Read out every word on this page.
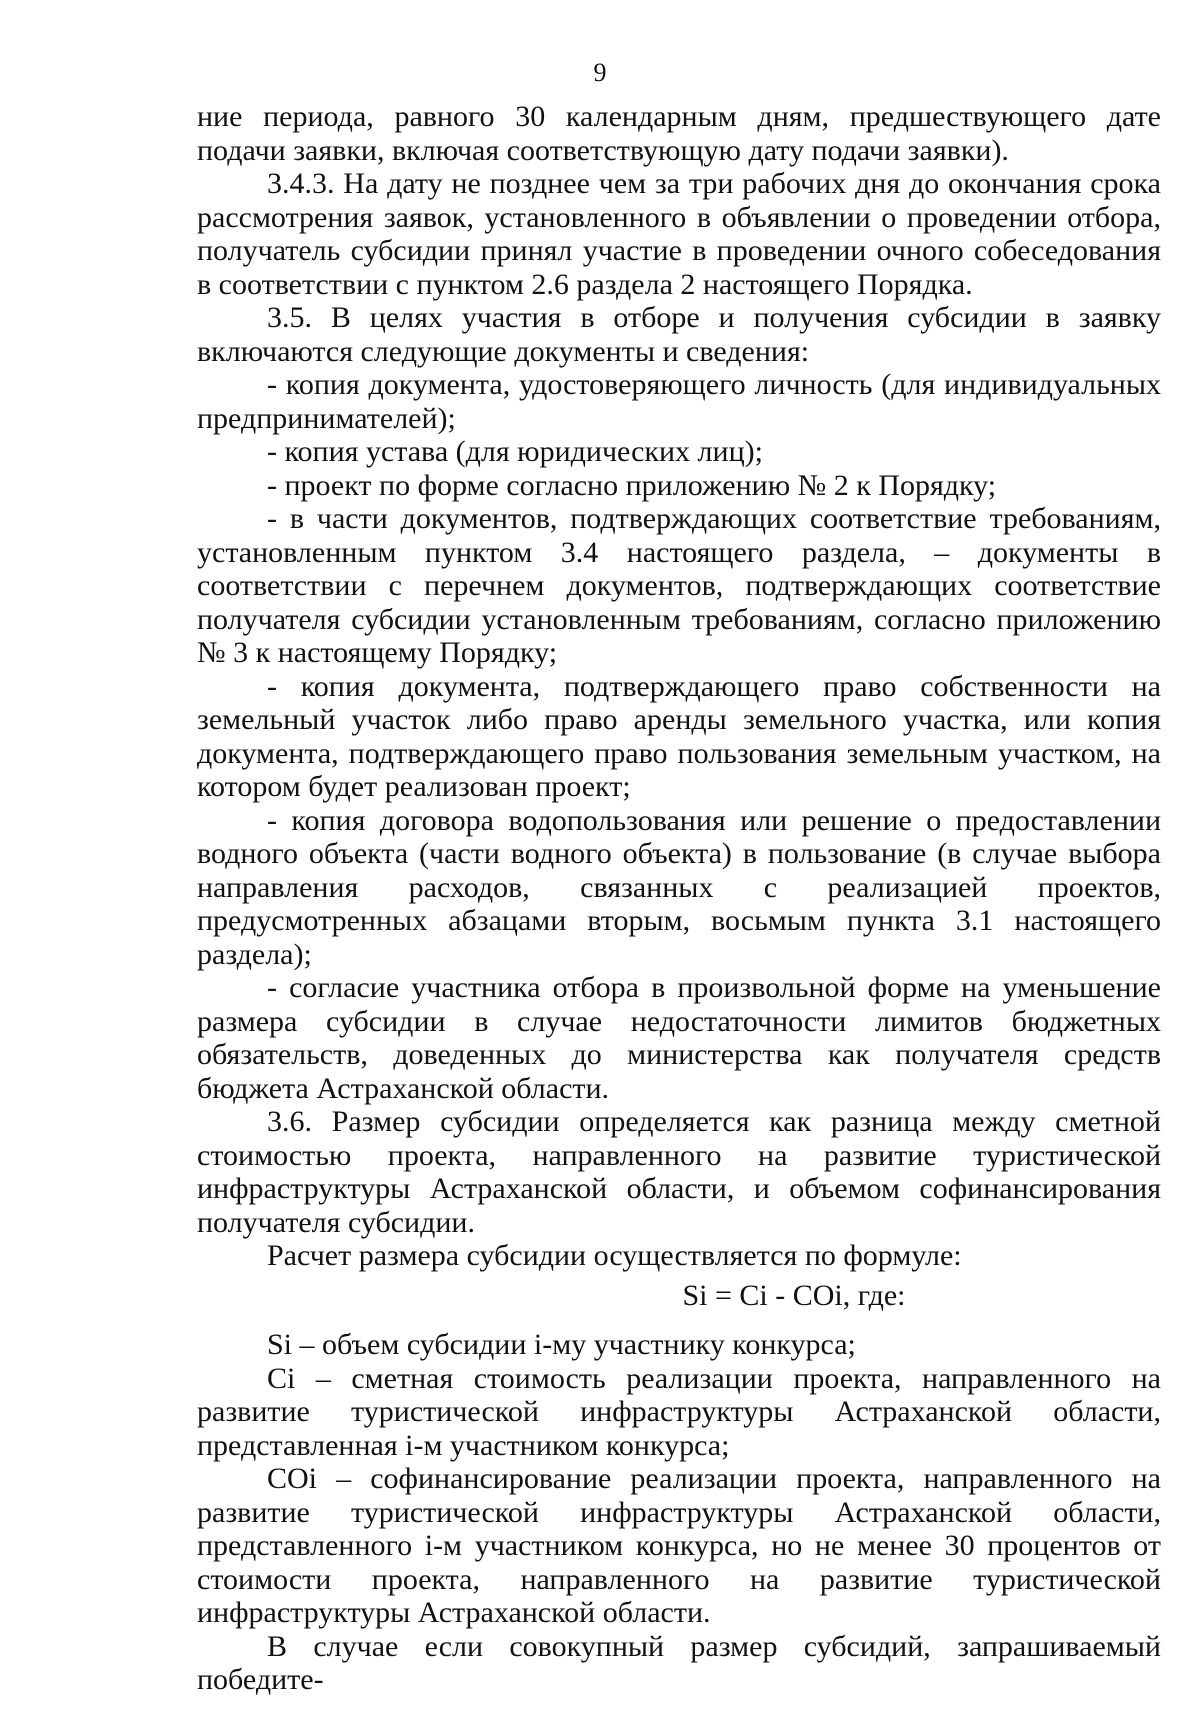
9

ние периода, равного 30 календарным дням, предшествующего дате подачи заявки, включая соответствующую дату подачи заявки).

3.4.3. На дату не позднее чем за три рабочих дня до окончания срока рассмотрения заявок, установленного в объявлении о проведении отбора, получатель субсидии принял участие в проведении очного собеседования в соответствии с пунктом 2.6 раздела 2 настоящего Порядка.

3.5. В целях участия в отборе и получения субсидии в заявку включаются следующие документы и сведения:

- копия документа, удостоверяющего личность (для индивидуальных предпринимателей);

- копия устава (для юридических лиц);

- проект по форме согласно приложению № 2 к Порядку;

- в части документов, подтверждающих соответствие требованиям, установленным пунктом 3.4 настоящего раздела, – документы в соответствии с перечнем документов, подтверждающих соответствие получателя субсидии установленным требованиям, согласно приложению № 3 к настоящему Порядку;

- копия документа, подтверждающего право собственности на земельный участок либо право аренды земельного участка, или копия документа, подтверждающего право пользования земельным участком, на котором будет реализован проект;

- копия договора водопользования или решение о предоставлении водного объекта (части водного объекта) в пользование (в случае выбора направления расходов, связанных с реализацией проектов, предусмотренных абзацами вторым, восьмым пункта 3.1 настоящего раздела);

- согласие участника отбора в произвольной форме на уменьшение размера субсидии в случае недостаточности лимитов бюджетных обязательств, доведенных до министерства как получателя средств бюджета Астраханской области.

3.6. Размер субсидии определяется как разница между сметной стоимостью проекта, направленного на развитие туристической инфраструктуры Астраханской области, и объемом софинансирования получателя субсидии.

Расчет размера субсидии осуществляется по формуле:

Si = Ci - COi, где:

Si – объем субсидии i-му участнику конкурса;

Ci – сметная стоимость реализации проекта, направленного на развитие туристической инфраструктуры Астраханской области, представленная i-м участником конкурса;

COi – софинансирование реализации проекта, направленного на развитие туристической инфраструктуры Астраханской области, представленного i-м участником конкурса, но не менее 30 процентов от стоимости проекта, направленного на развитие туристической инфраструктуры Астраханской области.

В случае если совокупный размер субсидий, запрашиваемый победите-
